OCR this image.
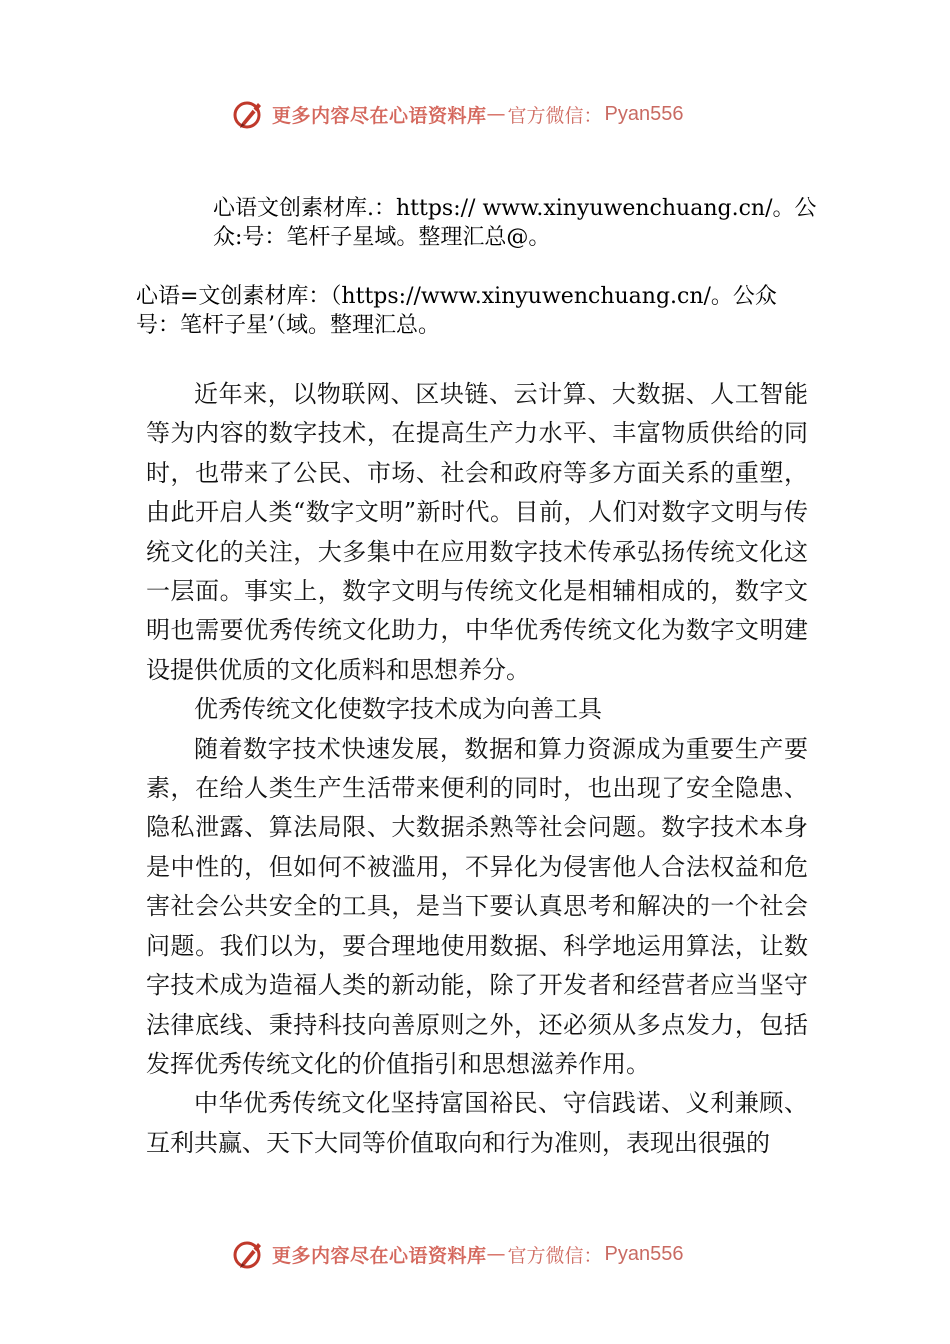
更多内容尽在心语资料库 — 官方微信： Pyan556
心语文创素材库.：https:// www.xinyuwenchuang.cn/。公众:号：笔杆子星域。整理汇总@。
心语=文创素材库：（https://www.xinyuwenchuang.cn/。公众号：笔杆子星’（域。整理汇总。

近年来，以物联网、区块链、云计算、大数据、人工智能等为内容的数字技术，在提高生产力水平、丰富物质供给的同时，也带来了公民、市场、社会和政府等多方面关系的重塑，由此开启人类“数字文明”新时代。目前，人们对数字文明与传统文化的关注，大多集中在应用数字技术传承弘扬传统文化这一层面。事实上，数字文明与传统文化是相辅相成的，数字文明也需要优秀传统文化助力，中华优秀传统文化为数字文明建设提供优质的文化质料和思想养分。

优秀传统文化使数字技术成为向善工具

随着数字技术快速发展，数据和算力资源成为重要生产要素，在给人类生产生活带来便利的同时，也出现了安全隐患、隐私泄露、算法局限、大数据杀熟等社会问题。数字技术本身是中性的，但如何不被滥用，不异化为侵害他人合法权益和危害社会公共安全的工具，是当下要认真思考和解决的一个社会问题。我们以为，要合理地使用数据、科学地运用算法，让数字技术成为造福人类的新动能，除了开发者和经营者应当坚守法律底线、秉持科技向善原则之外，还必须从多点发力，包括发挥优秀传统文化的价值指引和思想滋养作用。

中华优秀传统文化坚持富国裕民、守信践诺、义利兼顾、互利共赢、天下大同等价值取向和行为准则，表现出很强的

更多内容尽在心语资料库 — 官方微信： Pyan556
